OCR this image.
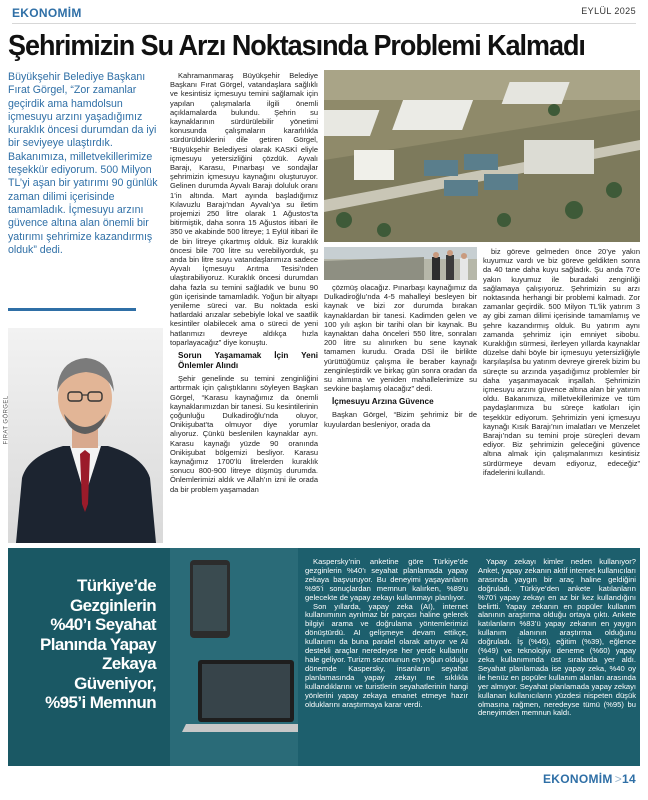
EKONOMİM	EYLÜL 2025
Şehrimizin Su Arzı Noktasında Problemi Kalmadı
Büyükşehir Belediye Başkanı Fırat Görgel, “Zor zamanlar geçirdik ama hamdolsun içmesuyu arzını yaşadığımız kuraklık öncesi durumdan da iyi bir seviyeye ulaştırdık. Bakanımıza, milletvekillerimize teşekkür ediyorum. 500 Milyon TL’yi aşan bir yatırımı 90 günlük zaman dilimi içerisinde tamamladık. İçmesuyu arzını güvence altına alan önemli bir yatırımı şehrimize kazandırmış olduk” dedi.
FIRAT GÖRGEL

Kahramanmaraş Büyükşehir Belediye Başkanı Fırat Görgel, vatandaşlara sağlıklı ve kesintisiz içmesuyu temini sağlamak için yapılan çalışmalarla ilgili önemli açıklamalarda bulundu. Şehrin su kaynaklarının sürdürülebilir yönetimi konusunda çalışmaların kararlılıkla sürdürüldüklerini dile getiren Görgel, “Büyükşehir Belediyesi olarak KASKİ eliyle içmesuyu yetersizliğini çözdük. Ayvalı Barajı, Karasu, Pınarbaşı ve sondajlar şehrimizin içmesuyu kaynağını oluşturuyor. Gelinen durumda Ayvalı Barajı doluluk oranı 1’in altında. Mart ayında başladığımız Kılavuzlu Barajı’ndan Ayvalı’ya su iletim projemizi 250 litre olarak 1 Ağustos’ta bitirmiştik, daha sonra 15 Ağustos itibari ile 350 ve akabinde 500 litreye; 1 Eylül itibari ile de bin litreye çıkartmış olduk. Biz kuraklık öncesi bile 700 litre su verebiliyorduk, şu anda bin litre suyu vatandaşlarımıza sadece Ayvalı İçmesuyu Arıtma Tesisi’nden ulaştırabiliyoruz. Kuraklık öncesi durumdan daha fazla su temini sağladık ve bunu 90 gün içerisinde tamamladık. Yoğun bir altyapı yenileme süreci var. Bu noktada eski hatlardaki arızalar sebebiyle lokal ve saatlik kesintiler olabilecek ama o süreci de yeni hatlarımızı devreye aldıkça hızla toparlayacağız” diye konuştu.

Sorun Yaşamamak İçin Yeni Önlemler Alındı

Şehir genelinde su temini zenginliğini arttırmak için çalıştıklarını söyleyen Başkan Görgel, “Karasu kaynağımız da önemli kaynaklarımızdan bir tanesi. Su kesintilerinin çoğunluğu Dulkadiroğlu’nda oluyor, Onikişubat’ta olmuyor diye yorumlar alıyoruz. Çünkü beslenilen kaynaklar ayrı. Karasu kaynağı yüzde 90 oranında Onikişubat bölgemizi besliyor. Karasu kaynağımız 1700’lü litrelerden kuraklık sonucu 800-900 litreye düşmüş durumda. Önlemlerimizi aldık ve Allah’ın izni ile orada da bir problem yaşamadan

çözmüş olacağız. Pınarbaşı kaynağımız da Dulkadiroğlu’nda 4-5 mahalleyi besleyen bir kaynak ve bizi zor durumda bırakan kaynaklardan bir tanesi. Kadimden gelen ve 100 yılı aşkın bir tarihi olan bir kaynak. Bu kaynaktan daha önceleri 550 litre, sonraları 200 litre su alınırken bu sene kaynak tamamen kurudu. Orada DSİ ile birlikte yürüttüğümüz çalışma ile beraber kaynağı zenginleştirdik ve birkaç gün sonra oradan da su alımına ve yeniden mahallelerimize su sevkine başlamış olacağız” dedi.

İçmesuyu Arzına Güvence

Başkan Görgel, “Bizim şehrimiz bir de kuyulardan besleniyor, orada da

biz göreve gelmeden önce 20’ye yakın kuyumuz vardı ve biz göreve geldikten sonra da 40 tane daha kuyu sağladık. Şu anda 70’e yakın kuyumuz ile buradaki zenginliği sağlamaya çalışıyoruz. Şehrimizin su arzı noktasında herhangi bir problemi kalmadı. Zor zamanlar geçirdik. 500 Milyon TL’lik yatırım 3 ay gibi zaman dilimi içerisinde tamamlamış ve şehre kazandırmış olduk. Bu yatırım aynı zamanda şehrimiz için emniyet sibobu. Kuraklığın sürmesi, ilerleyen yıllarda kaynaklar düzelse dahi böyle bir içmesuyu yetersizliğiyle karşılaşılsa bu yatırım devreye girerek bizim bu süreçte su arzında yaşadığımız problemler bir daha yaşanmayacak inşallah. Şehrimizin içmesuyu arzını güvence altına alan bir yatırım oldu. Bakanımıza, milletvekillerimize ve tüm paydaşlarımıza bu süreçe katkıları için teşekkür ediyorum. Şehrimizin yeni içmesuyu kaynağı Kısık Barajı’nın imalatları ve Menzelet Barajı’ndan su temini proje süreçleri devam ediyor. Biz şehrimizin geleceğini güvence altına almak için çalışmalarımızı kesintisiz sürdürmeye devam ediyoruz, edeceğiz” ifadelerini kullandı.

Türkiye’de Gezginlerin %40’ı Seyahat Planında Yapay Zekaya Güveniyor, %95’i Memnun

Kaspersky’nin anketine göre Türkiye’de gezginlerin %40’ı seyahat planlamada yapay zekaya başvuruyor. Bu deneyimi yaşayanların %95’i sonuçlardan memnun kalırken, %89’u gelecekte de yapay zekayı kullanmayı planlıyor.

Son yıllarda, yapay zeka (AI), internet kullanımının ayrılmaz bir parçası haline gelerek bilgiyi arama ve doğrulama yöntemlerimizi dönüştürdü. AI gelişmeye devam ettikçe, kullanımı da buna paralel olarak artıyor ve AI destekli araçlar neredeyse her yerde kullanılır hale geliyor. Turizm sezonunun en yoğun olduğu dönemde Kaspersky, insanların seyahat planlamasında yapay zekayı ne sıklıkla kullandıklarını ve turistlerin seyahatlerinin hangi yönlerini yapay zekaya emanet etmeye hazır olduklarını araştırmaya karar verdi.

Yapay zekayı kimler neden kullanıyor? Anket, yapay zekanın aktif internet kullanıcıları arasında yaygın bir araç haline geldiğini doğruladı. Türkiye’den ankete katılanların %70’i yapay zekayı en az bir kez kullandığını belirtti. Yapay zekanın en popüler kullanım alanının araştırma olduğu ortaya çıktı. Ankete katılanların %83’ü yapay zekanın en yaygın kullanım alanının araştırma olduğunu doğruladı. İş (%46), eğitim (%39), eğlence (%49) ve teknolojiyi deneme (%60) yapay zeka kullanımında üst sıralarda yer aldı. Seyahat planlamada ise yapay zeka, %40 oy ile henüz en popüler kullanım alanları arasında yer almıyor. Seyahat planlamada yapay zekayı kullanan kullanıcıların yüzdesi nispeten düşük olmasına rağmen, neredeyse tümü (%95) bu deneyimden memnun kaldı.

EKONOMİM >14
